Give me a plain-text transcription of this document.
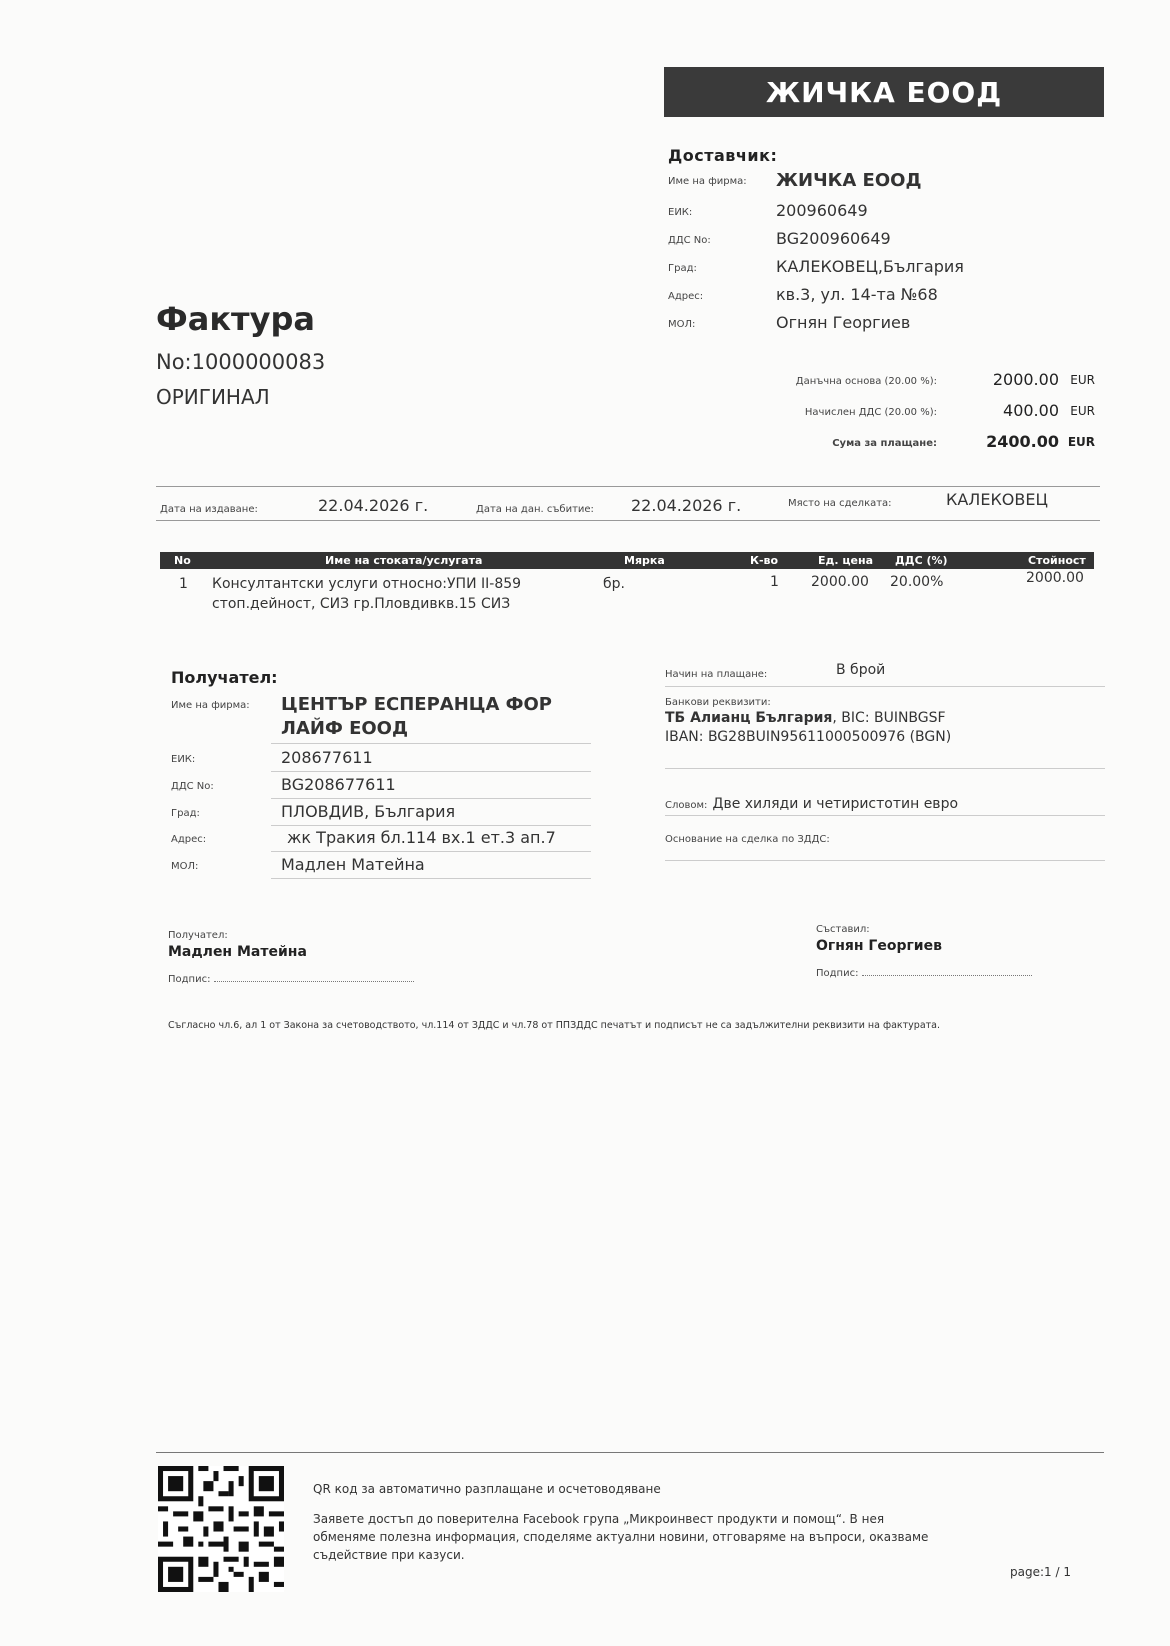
ЖИЧКА ЕООД
Доставчик:
Име на фирма: ЖИЧКА ЕООД
ЕИК:	200960649
ДДС No:	BG200960649
Град:	КАЛЕКОВЕЦ,България
Адрес:	кв.3, ул. 14-та №68
МОЛ:	Огнян Георгиев
Фактура
No:1000000083
ОРИГИНАЛ
Данъчна основа (20.00 %):	2000.00 EUR
Начислен ДДС (20.00 %):	400.00 EUR
Сума за плащане:	2400.00 EUR
Дата на издаване:	22.04.2026 г.	Дата на дан. събитие: 22.04.2026 г.	Място на сделката:	КАЛЕКОВЕЦ
No	Име на стоката/услугата	Мярка	К-во	Ед. цена ДДС (%)	Стойност
1 Консултантски услуги относно:УПИ II-859
стоп.дейност, СИЗ гр.Пловдивкв.15 СИЗ
бр.	1 2000.00 20.00%	2000.00
Получател:
Име на фирма: ЦЕНТЪР ЕСПЕРАНЦА ФОР
ЛАЙФ ЕООД
ЕИК:	208677611
ДДС No:	BG208677611
Град:	ПЛОВДИВ, България
Адрес:	жк Тракия бл.114 вх.1 ет.3 ап.7
МОЛ:	Мадлен Матейна
Начин на плащане:	В брой
Банкови реквизити:
ТБ Алианц България, BIC: BUINBGSF
IBAN: BG28BUIN95611000500976 (BGN)
Словом: Две хиляди и четиристотин евро
Основание на сделка по ЗДДС:
Получател:
Мадлен Матейна
Подпис:
Съставил:
Огнян Георгиев
Подпис:
Съгласно чл.6, ал 1 от Закона за счетоводството, чл.114 от ЗДДС и чл.78 от ППЗДДС печатът и подписът не са задължителни реквизити на фактурата.
QR код за автоматично разплащане и осчетоводяване
Заявете достъп до поверителна Facebook група „Микроинвест продукти и помощ“. В нея
обменяме полезна информация, споделяме актуални новини, отговаряме на въпроси, оказваме
съдействие при казуси.
page:1 / 1
